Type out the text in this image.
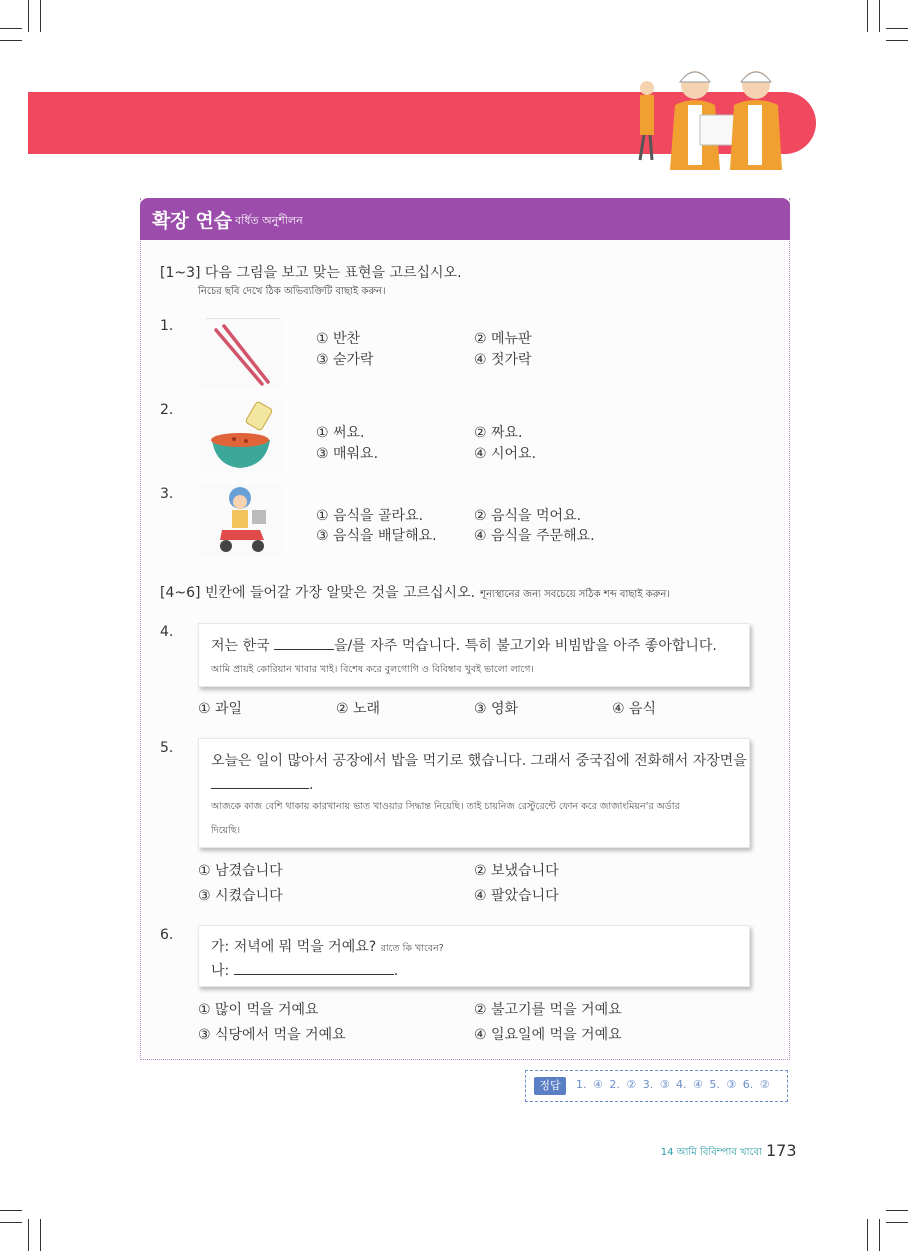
확장 연습 বর্ধিত অনুশীলন
[1~3] 다음 그림을 보고 맞는 표현을 고르십시오.
নিচের ছবি দেখে ঠিক অভিব্যক্তিটি বাছাই করুন।
1.
① 반찬	② 메뉴판
③ 숟가락	④ 젓가락
2.
① 써요.	② 짜요.
③ 매워요.	④ 시어요.
3.
① 음식을 골라요.	② 음식을 먹어요.
③ 음식을 배달해요.	④ 음식을 주문해요.
[4~6] 빈칸에 들어갈 가장 알맞은 것을 고르십시오. শূন্যস্থানের জন্য সবচেয়ে সঠিক শব্দ বাছাই করুন।
4.
저는 한국	을/를 자주 먹습니다. 특히 불고기와 비빔밥을 아주 좋아합니다.
আমি প্রায়ই কোরিয়ান খাবার খাই। বিশেষ করে বুলগোগি ও বিবিম্বাব খুবই ভালো লাগে।
① 과일	② 노래	③ 영화	④ 음식
5.
오늘은 일이 많아서 공장에서 밥을 먹기로 했습니다. 그래서 중국집에 전화해서 자장면을
.
আজকে কাজ বেশি থাকায় কারখানায় ভাত খাওয়ার সিদ্ধান্ত নিয়েছি। তাই চায়নিজ রেস্টুরেন্টে ফোন করে জাজাংমিয়ন'র অর্ডার
দিয়েছি।
① 남겼습니다	② 보냈습니다
③ 시켰습니다	④ 팔았습니다
6.
가: 저녁에 뭐 먹을 거예요? রাতে কি খাবেন?
나:	.
① 많이 먹을 거예요	② 불고기를 먹을 거예요
③ 식당에서 먹을 거예요	④ 일요일에 먹을 거예요
정답	1. ④ 2. ② 3. ③ 4. ④ 5. ③ 6. ②
14 আমি বিবিম্পাব খাবো 173
